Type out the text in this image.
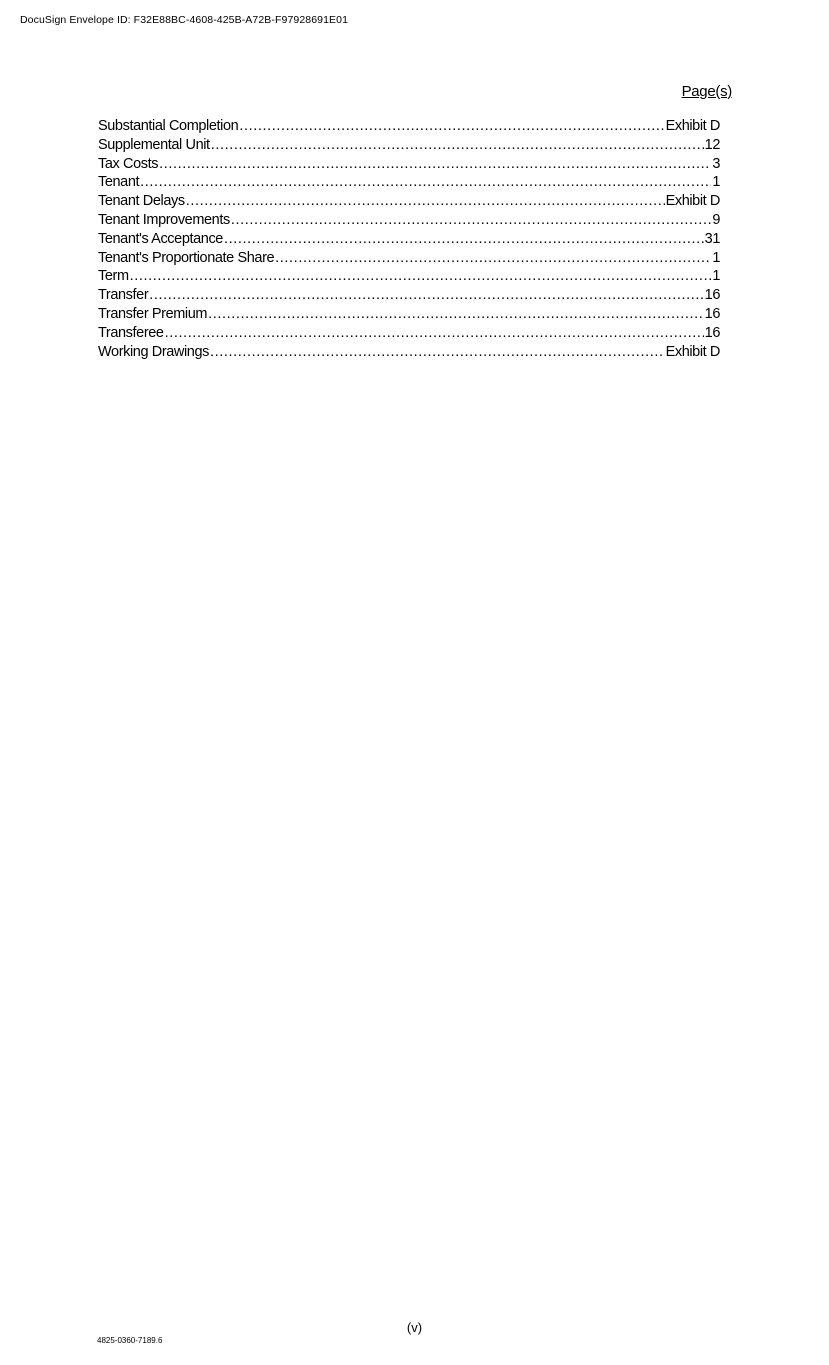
DocuSign Envelope ID: F32E88BC-4608-425B-A72B-F97928691E01
Page(s)
Substantial Completion .....	Exhibit D
Supplemental Unit .....	12
Tax Costs .....	3
Tenant .....	1
Tenant Delays .....	Exhibit D
Tenant Improvements .....	9
Tenant's Acceptance .....	31
Tenant's Proportionate Share .....	1
Term .....	1
Transfer .....	16
Transfer Premium .....	16
Transferee .....	16
Working Drawings .....	Exhibit D
(v)
4825-0360-7189.6
